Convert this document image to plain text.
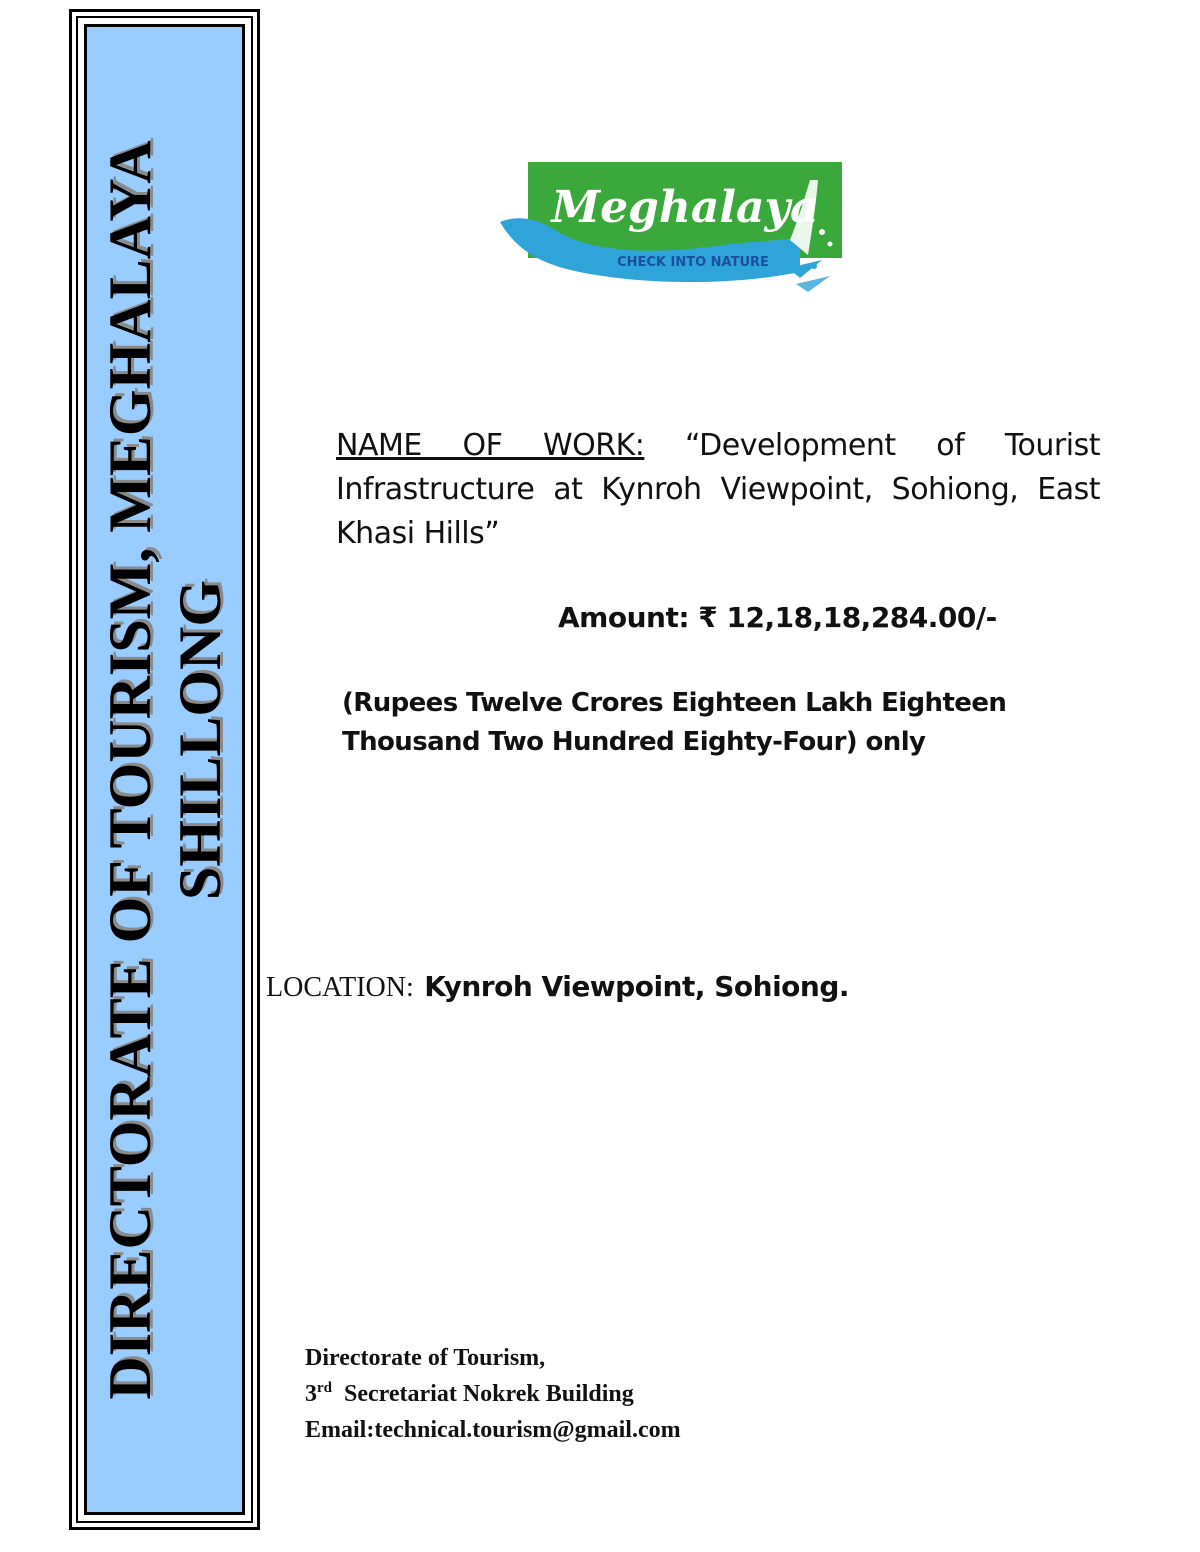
DIRECTORATE OF TOURISM, MEGHALAYA SHILLONG
Meghalaya
CHECK INTO NATURE
NAME OF WORK: “Development of Tourist Infrastructure at Kynroh Viewpoint, Sohiong, East Khasi Hills”
Amount: ₹ 12,18,18,284.00/-
(Rupees Twelve Crores Eighteen Lakh Eighteen
Thousand Two Hundred Eighty-Four) only
LOCATION: Kynroh Viewpoint, Sohiong.
Directorate of Tourism,
3rd Secretariat Nokrek Building
Email:technical.tourism@gmail.com
